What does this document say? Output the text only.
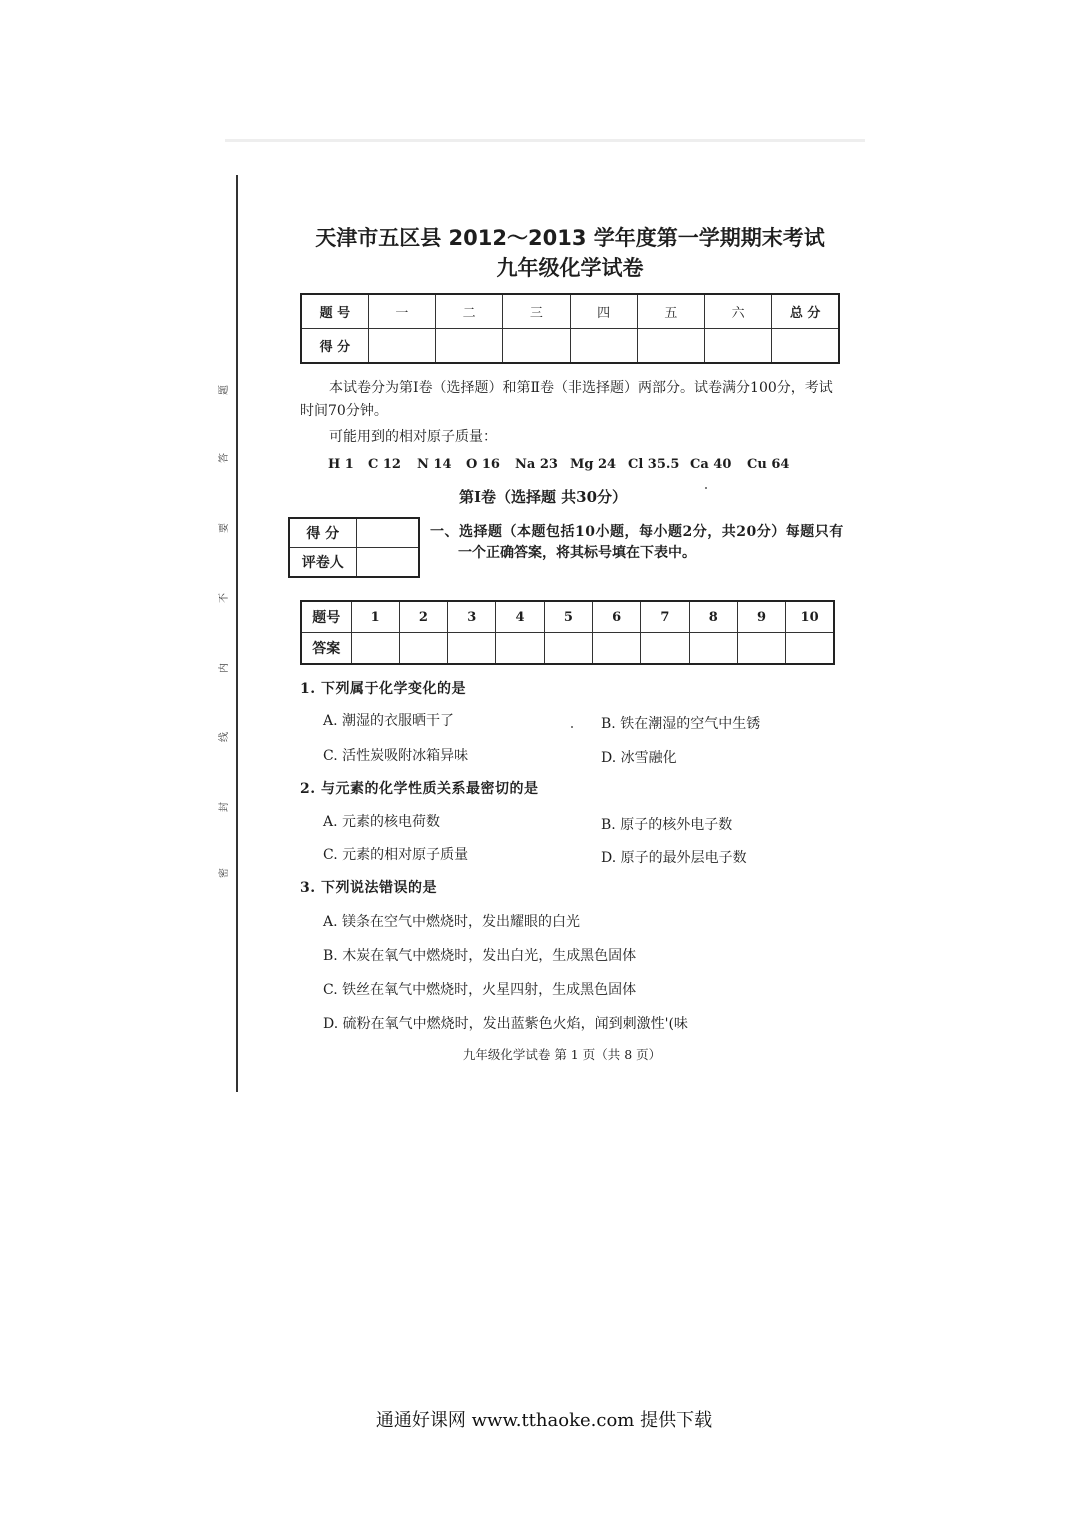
题
答
要
不
内
线
封
密
天津市五区县 2012～2013 学年度第一学期期末考试
九年级化学试卷
题 号	一	二	三	四	五	六	总 分
得 分							
本试卷分为第Ⅰ卷（选择题）和第Ⅱ卷（非选择题）两部分。试卷满分100分，考试
时间70分钟。
可能用到的相对原子质量：
H 1 C 12 N 14 O 16 Na 23 Mg 24 Cl 35.5 Ca 40 Cu 64
第Ⅰ卷（选择题 共30分）
得 分	
评卷人	
一、选择题（本题包括10小题，每小题2分，共20分）每题只有
一个正确答案，将其标号填在下表中。
题号	1	2	3	4	5	6	7	8	9	10
答案										
1. 下列属于化学变化的是
A. 潮湿的衣服晒干了	B. 铁在潮湿的空气中生锈
C. 活性炭吸附冰箱异味	D. 冰雪融化
2. 与元素的化学性质关系最密切的是
A. 元素的核电荷数	B. 原子的核外电子数
C. 元素的相对原子质量	D. 原子的最外层电子数
3. 下列说法错误的是
A. 镁条在空气中燃烧时，发出耀眼的白光
B. 木炭在氧气中燃烧时，发出白光，生成黑色固体
C. 铁丝在氧气中燃烧时，火星四射，生成黑色固体
D. 硫粉在氧气中燃烧时，发出蓝紫色火焰，闻到刺激性'(味
九年级化学试卷 第 1 页（共 8 页）
通通好课网 www.tthaoke.com 提供下载
